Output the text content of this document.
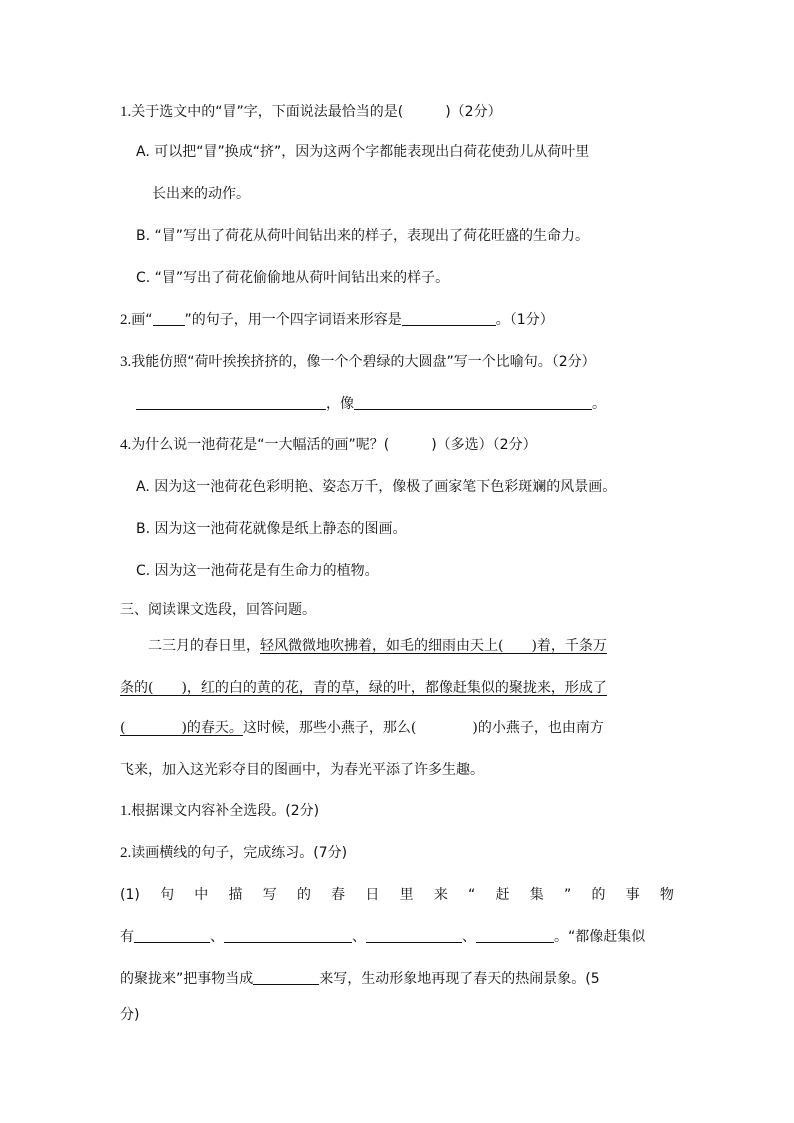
1.关于选文中的“冒”字，下面说法最恰当的是(　　　)（2分）
A. 可以把“冒”换成“挤”，因为这两个字都能表现出白荷花使劲儿从荷叶里
长出来的动作。
B. “冒”写出了荷花从荷叶间钻出来的样子，表现出了荷花旺盛的生命力。
C. “冒”写出了荷花偷偷地从荷叶间钻出来的样子。
2.画“ ”的句子，用一个四字词语来形容是	。（1分）
3.我能仿照“荷叶挨挨挤挤的，像一个个碧绿的大圆盘”写一个比喻句。（2分）
，像	。
4.为什么说一池荷花是“一大幅活的画”呢？(　　　)（多选）（2分）
A. 因为这一池荷花色彩明艳、姿态万千，像极了画家笔下色彩斑斓的风景画。
B. 因为这一池荷花就像是纸上静态的图画。
C. 因为这一池荷花是有生命力的植物。
三、阅读课文选段，回答问题。
二三月的春日里，轻风微微地吹拂着，如毛的细雨由天上(　　)着，千条万
条的(　　)，红的白的黄的花，青的草，绿的叶，都像赶集似的聚拢来，形成了
(　　　　)的春天。这时候，那些小燕子，那么(　　　　)的小燕子，也由南方
飞来，加入这光彩夺目的图画中，为春光平添了许多生趣。
1.根据课文内容补全选段。(2分)
2.读画横线的句子，完成练习。(7分)
(1) 句 中 描 写 的 春 日 里 来 “ 赶 集 ” 的 事 物
有	、	、	、	。“都像赶集似
的聚拢来”把事物当成	来写，生动形象地再现了春天的热闹景象。(5
分)
